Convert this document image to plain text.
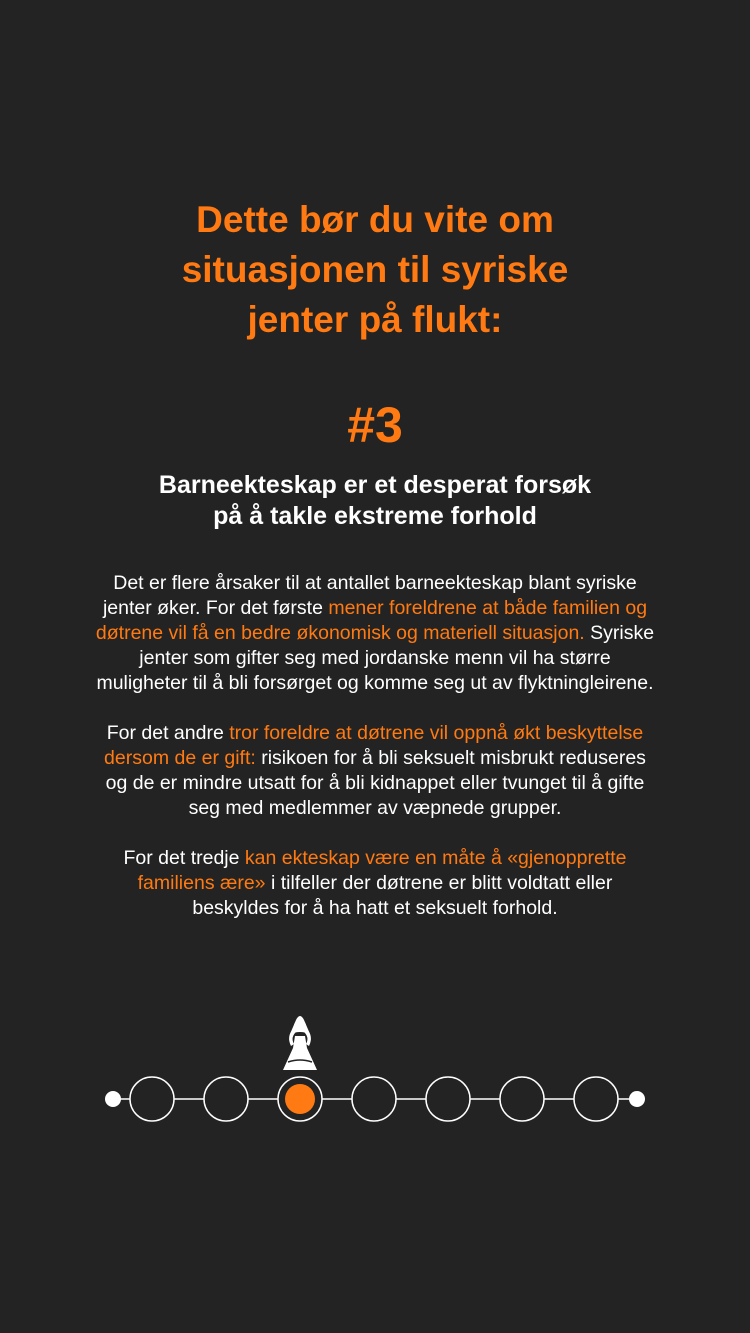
Dette bør du vite om
situasjonen til syriske
jenter på flukt:
#3
Barneekteskap er et desperat forsøk
på å takle ekstreme forhold

Det er flere årsaker til at antallet barneekteskap blant syriske jenter øker. For det første mener foreldrene at både familien og døtrene vil få en bedre økonomisk og materiell situasjon. Syriske jenter som gifter seg med jordanske menn vil ha større muligheter til å bli forsørget og komme seg ut av flyktningleirene.

For det andre tror foreldre at døtrene vil oppnå økt beskyttelse dersom de er gift: risikoen for å bli seksuelt misbrukt reduseres og de er mindre utsatt for å bli kidnappet eller tvunget til å gifte seg med medlemmer av væpnede grupper.

For det tredje kan ekteskap være en måte å «gjenopprette familiens ære» i tilfeller der døtrene er blitt voldtatt eller beskyldes for å ha hatt et seksuelt forhold.
